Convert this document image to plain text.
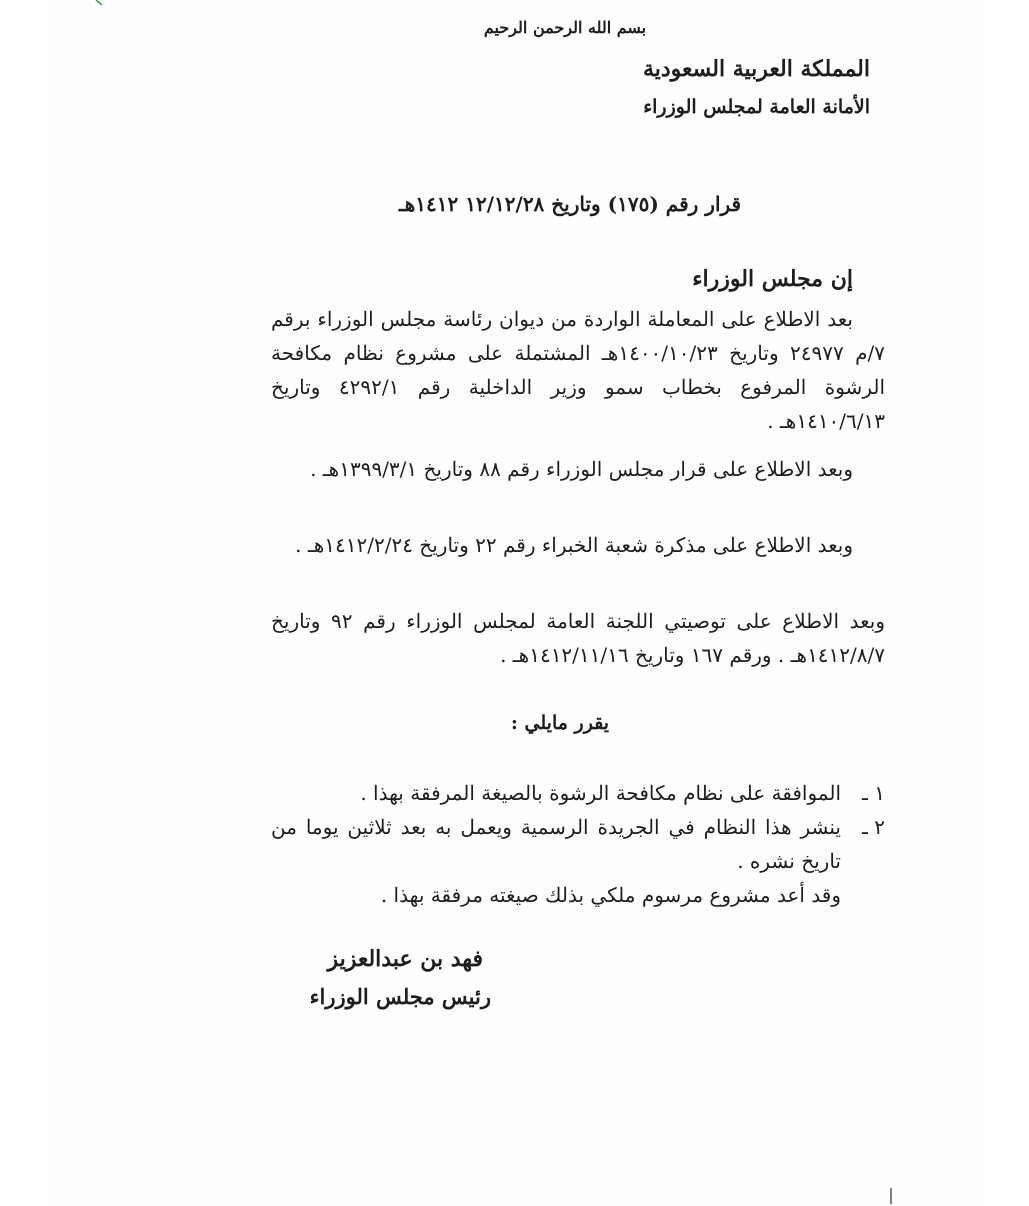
بسم الله الرحمن الرحيم
المملكة العربية السعودية
الأمانة العامة لمجلس الوزراء
قرار رقم (١٧٥) وتاريخ ١٢/١٢/٢٨ ١٤١٢هـ
إن مجلس الوزراء
بعد الاطلاع على المعاملة الواردة من ديوان رئاسة مجلس الوزراء برقم ٧/م ٢٤٩٧٧ وتاريخ ١٤٠٠/١٠/٢٣هـ المشتملة على مشروع نظام مكافحة الرشوة المرفوع بخطاب سمو وزير الداخلية رقم ٤٢٩٢/١ وتاريخ ١٤١٠/٦/١٣هـ .
وبعد الاطلاع على قرار مجلس الوزراء رقم ٨٨ وتاريخ ١٣٩٩/٣/١هـ .
وبعد الاطلاع على مذكرة شعبة الخبراء رقم ٢٢ وتاريخ ١٤١٢/٢/٢٤هـ .
وبعد الاطلاع على توصيتي اللجنة العامة لمجلس الوزراء رقم ٩٢ وتاريخ ١٤١٢/٨/٧هـ . ورقم ١٦٧ وتاريخ ١٤١٢/١١/١٦هـ .
يقرر مايلي :
١ ـ
الموافقة على نظام مكافحة الرشوة بالصيغة المرفقة بهذا .
٢ ـ
ينشر هذا النظام في الجريدة الرسمية ويعمل به بعد ثلاثين يوما من تاريخ نشره .
وقد أعد مشروع مرسوم ملكي بذلك صيغته مرفقة بهذا .
فهد بن عبدالعزيز
رئيس مجلس الوزراء
